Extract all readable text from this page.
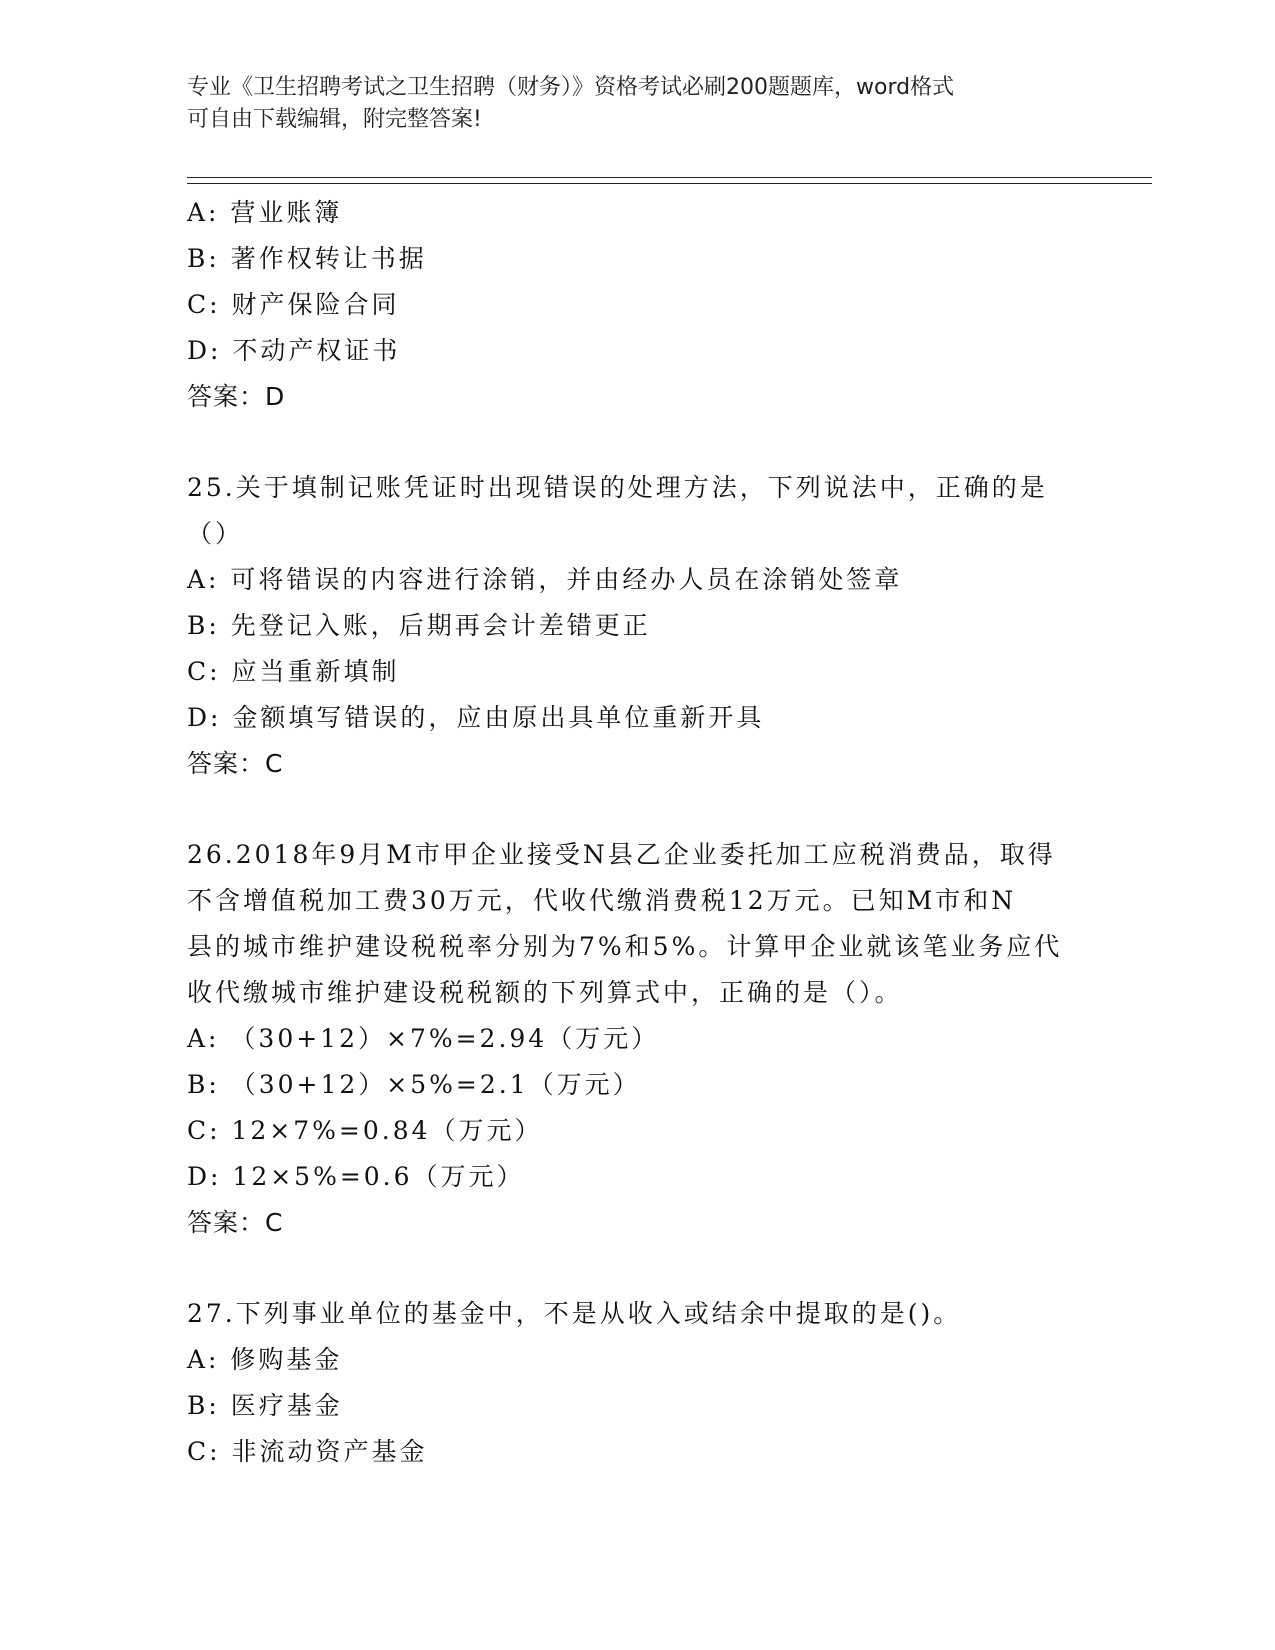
专业《卫生招聘考试之卫生招聘（财务）》资格考试必刷200题题库，word格式
可自由下载编辑，附完整答案!
A: 营业账簿
B: 著作权转让书据
C: 财产保险合同
D: 不动产权证书
答案：D
25.关于填制记账凭证时出现错误的处理方法，下列说法中，正确的是
（）
A: 可将错误的内容进行涂销，并由经办人员在涂销处签章
B: 先登记入账，后期再会计差错更正
C: 应当重新填制
D: 金额填写错误的，应由原出具单位重新开具
答案：C
26.2018年9月M市甲企业接受N县乙企业委托加工应税消费品，取得
不含增值税加工费30万元，代收代缴消费税12万元。已知M市和N
县的城市维护建设税税率分别为7%和5%。计算甲企业就该笔业务应代
收代缴城市维护建设税税额的下列算式中，正确的是（）。
A: （30+12）×7%=2.94（万元）
B: （30+12）×5%=2.1（万元）
C: 12×7%=0.84（万元）
D: 12×5%=0.6（万元）
答案：C
27.下列事业单位的基金中，不是从收入或结余中提取的是()。
A: 修购基金
B: 医疗基金
C: 非流动资产基金
